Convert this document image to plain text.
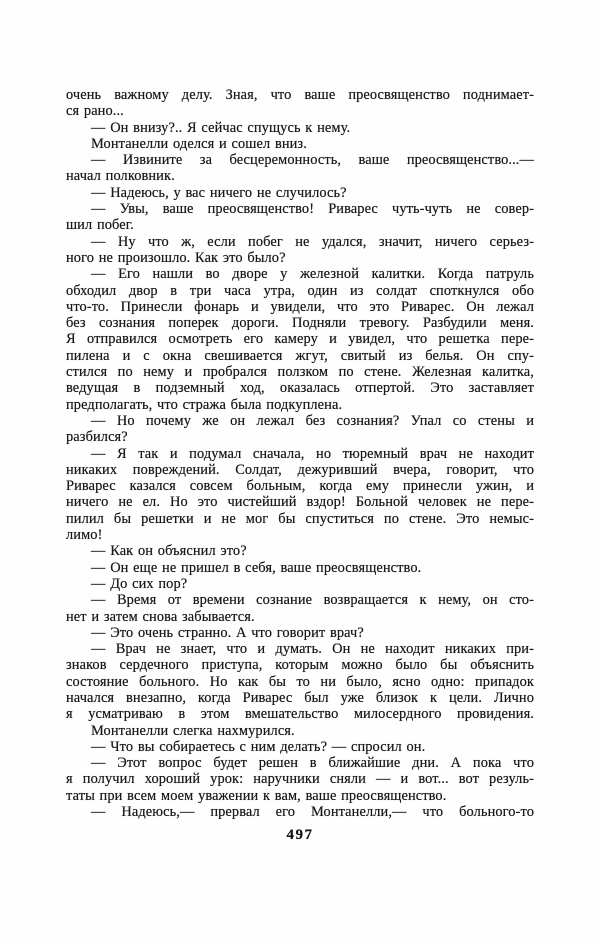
очень важному делу. Зная, что ваше преосвященство поднимает-
ся рано...
— Он внизу?.. Я сейчас спущусь к нему.
Монтанелли оделся и сошел вниз.
— Извините за бесцеремонность, ваше преосвященство...—
начал полковник.
— Надеюсь, у вас ничего не случилось?
— Увы, ваше преосвященство! Риварес чуть-чуть не совер-
шил побег.
— Ну что ж, если побег не удался, значит, ничего серьез-
ного не произошло. Как это было?
— Его нашли во дворе у железной калитки. Когда патруль
обходил двор в три часа утра, один из солдат споткнулся обо
что-то. Принесли фонарь и увидели, что это Риварес. Он лежал
без сознания поперек дороги. Подняли тревогу. Разбудили меня.
Я отправился осмотреть его камеру и увидел, что решетка пере-
пилена и с окна свешивается жгут, свитый из белья. Он спу-
стился по нему и пробрался ползком по стене. Железная калитка,
ведущая в подземный ход, оказалась отпертой. Это заставляет
предполагать, что стража была подкуплена.
— Но почему же он лежал без сознания? Упал со стены и
разбился?
— Я так и подумал сначала, но тюремный врач не находит
никаких повреждений. Солдат, дежуривший вчера, говорит, что
Риварес казался совсем больным, когда ему принесли ужин, и
ничего не ел. Но это чистейший вздор! Больной человек не пере-
пилил бы решетки и не мог бы спуститься по стене. Это немыс-
лимо!
— Как он объяснил это?
— Он еще не пришел в себя, ваше преосвященство.
— До сих пор?
— Время от времени сознание возвращается к нему, он сто-
нет и затем снова забывается.
— Это очень странно. А что говорит врач?
— Врач не знает, что и думать. Он не находит никаких при-
знаков сердечного приступа, которым можно было бы объяснить
состояние больного. Но как бы то ни было, ясно одно: припадок
начался внезапно, когда Риварес был уже близок к цели. Лично
я усматриваю в этом вмешательство милосердного провидения.
Монтанелли слегка нахмурился.
— Что вы собираетесь с ним делать? — спросил он.
— Этот вопрос будет решен в ближайшие дни. А пока что
я получил хороший урок: наручники сняли — и вот... вот резуль-
таты при всем моем уважении к вам, ваше преосвященство.
— Надеюсь,— прервал его Монтанелли,— что больного-то
497
